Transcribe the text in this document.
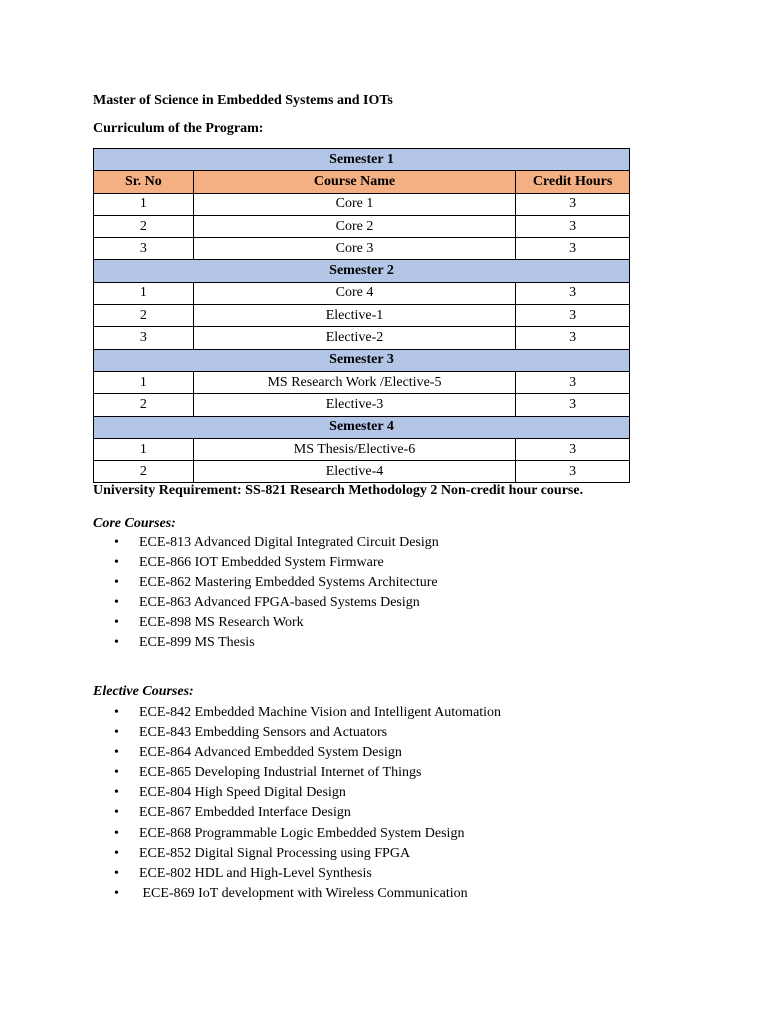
Master of Science in Embedded Systems and IOTs
Curriculum of the Program:
Semester 1		
Sr. No	Course Name	Credit Hours
1	Core 1	3
2	Core 2	3
3	Core 3	3
Semester 2		
1	Core 4	3
2	Elective-1	3
3	Elective-2	3
Semester 3		
1	MS Research Work /Elective-5	3
2	Elective-3	3
Semester 4		
1	MS Thesis/Elective-6	3
2	Elective-4	3
University Requirement: SS-821 Research Methodology 2 Non-credit hour course.
Core Courses:
• ECE-813 Advanced Digital Integrated Circuit Design
• ECE-866 IOT Embedded System Firmware
• ECE-862 Mastering Embedded Systems Architecture
• ECE-863 Advanced FPGA-based Systems Design
• ECE-898 MS Research Work
• ECE-899 MS Thesis
Elective Courses:
• ECE-842 Embedded Machine Vision and Intelligent Automation
• ECE-843 Embedding Sensors and Actuators
• ECE-864 Advanced Embedded System Design
• ECE-865 Developing Industrial Internet of Things
• ECE-804 High Speed Digital Design
• ECE-867 Embedded Interface Design
• ECE-868 Programmable Logic Embedded System Design
• ECE-852 Digital Signal Processing using FPGA
• ECE-802 HDL and High-Level Synthesis
• ECE-869 IoT development with Wireless Communication
